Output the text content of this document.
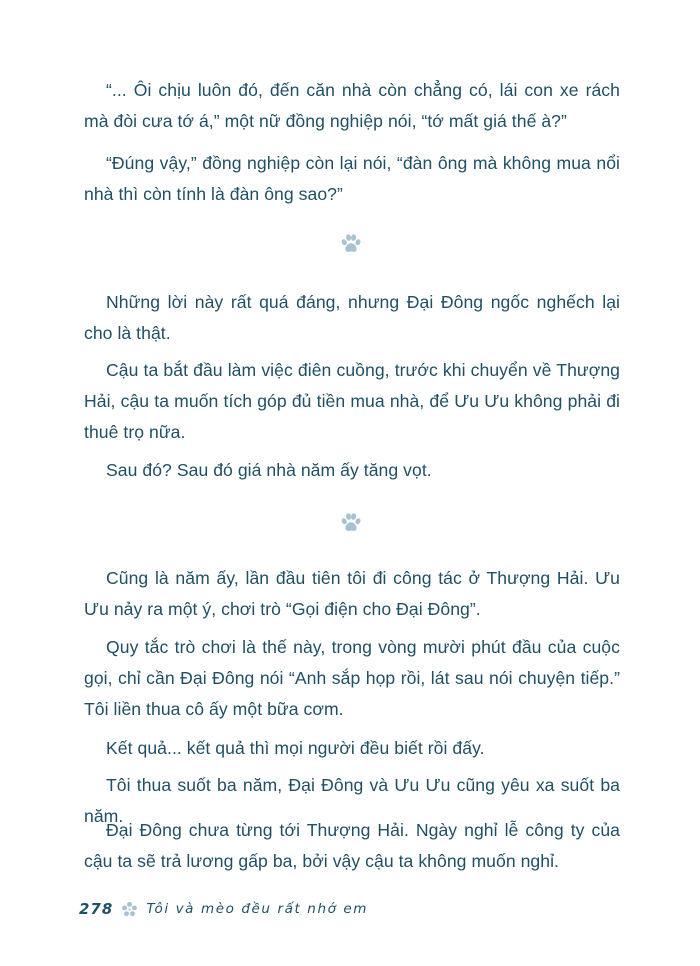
“... Ôi chịu luôn đó, đến căn nhà còn chẳng có, lái con xe rách mà đòi cưa tớ á,” một nữ đồng nghiệp nói, “tớ mất giá thế à?”

“Đúng vậy,” đồng nghiệp còn lại nói, “đàn ông mà không mua nổi nhà thì còn tính là đàn ông sao?”

Những lời này rất quá đáng, nhưng Đại Đông ngốc nghếch lại cho là thật.

Cậu ta bắt đầu làm việc điên cuồng, trước khi chuyển về Thượng Hải, cậu ta muốn tích góp đủ tiền mua nhà, để Ưu Ưu không phải đi thuê trọ nữa.

Sau đó? Sau đó giá nhà năm ấy tăng vọt.

Cũng là năm ấy, lần đầu tiên tôi đi công tác ở Thượng Hải. Ưu Ưu nảy ra một ý, chơi trò “Gọi điện cho Đại Đông”.

Quy tắc trò chơi là thế này, trong vòng mười phút đầu của cuộc gọi, chỉ cần Đại Đông nói “Anh sắp họp rồi, lát sau nói chuyện tiếp.” Tôi liền thua cô ấy một bữa cơm.

Kết quả... kết quả thì mọi người đều biết rồi đấy.

Tôi thua suốt ba năm, Đại Đông và Ưu Ưu cũng yêu xa suốt ba năm.

Đại Đông chưa từng tới Thượng Hải. Ngày nghỉ lễ công ty của cậu ta sẽ trả lương gấp ba, bởi vậy cậu ta không muốn nghỉ.

278 Tôi và mèo đều rất nhớ em
